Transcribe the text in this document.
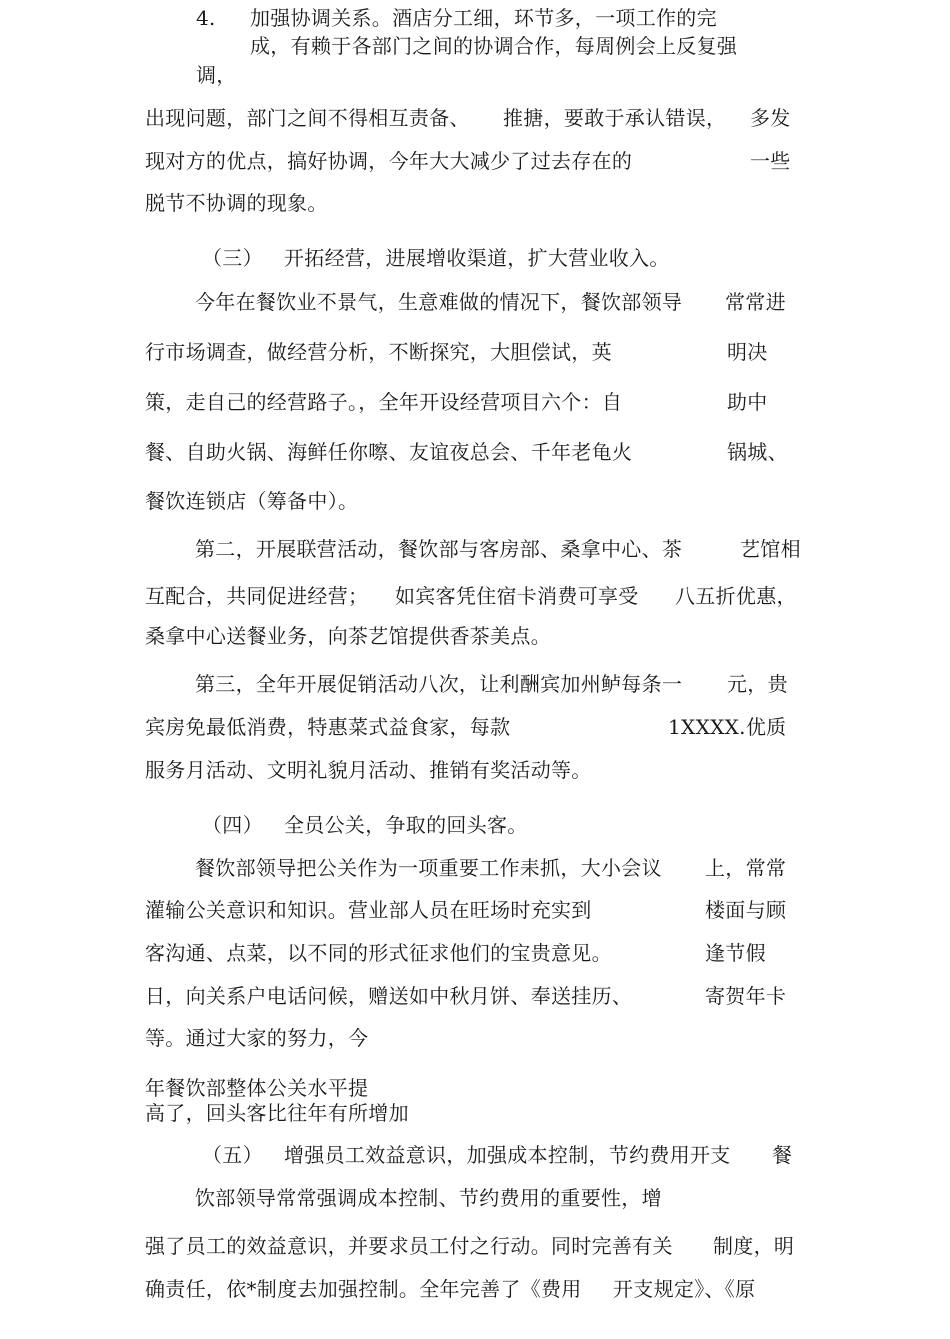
4. 加强协调关系。酒店分工细，环节多，一项工作的完
成，有赖于各部门之间的协调合作，每周例会上反复强
调，
出现问题，部门之间不得相互责备、 推搪，要敢于承认错误， 多发
现对方的优点，搞好协调，今年大大减少了过去存在的	一些
脱节不协调的现象。
（三） 开拓经营，进展增收渠道，扩大营业收入。
今年在餐饮业不景气，生意难做的情况下，餐饮部领导 常常进
行市场调查，做经营分析，不断探究，大胆偿试，英	明决
策，走自己的经营路子。，全年开设经营项目六个：自	助中
餐、自助火锅、海鲜任你嚓、友谊夜总会、千年老龟火	锅城、
餐饮连锁店（筹备中）。
第二，开展联营活动，餐饮部与客房部、桑拿中心、茶	艺馆相
互配合，共同促进经营； 如宾客凭住宿卡消费可享受 八五折优惠，
桑拿中心送餐业务，向茶艺馆提供香茶美点。
第三，全年开展促销活动八次，让利酬宾加州鲈每条一 元，贵
宾房免最低消费，特惠菜式益食家，每款	1XXXX.优质
服务月活动、文明礼貌月活动、推销有奖活动等。
（四） 全员公关，争取的回头客。
餐饮部领导把公关作为一项重要工作耒抓，大小会议 上，常常
灌输公关意识和知识。营业部人员在旺场时充实到	楼面与顾
客沟通、点菜，以不同的形式征求他们的宝贵意见。	逢节假
日，向关系户电话问候，赠送如中秋月饼、奉送挂历、	寄贺年卡
等。通过大家的努力，今
年餐饮部整体公关水平提
高了，回头客比往年有所增加
（五） 增强员工效益意识，加强成本控制，节约费用开支 餐
饮部领导常常强调成本控制、节约费用的重要性，增
强了员工的效益意识，并要求员工付之行动。同时完善有关 制度，明
确责任，依*制度去加强控制。全年完善了《费用 开支规定》、《原
